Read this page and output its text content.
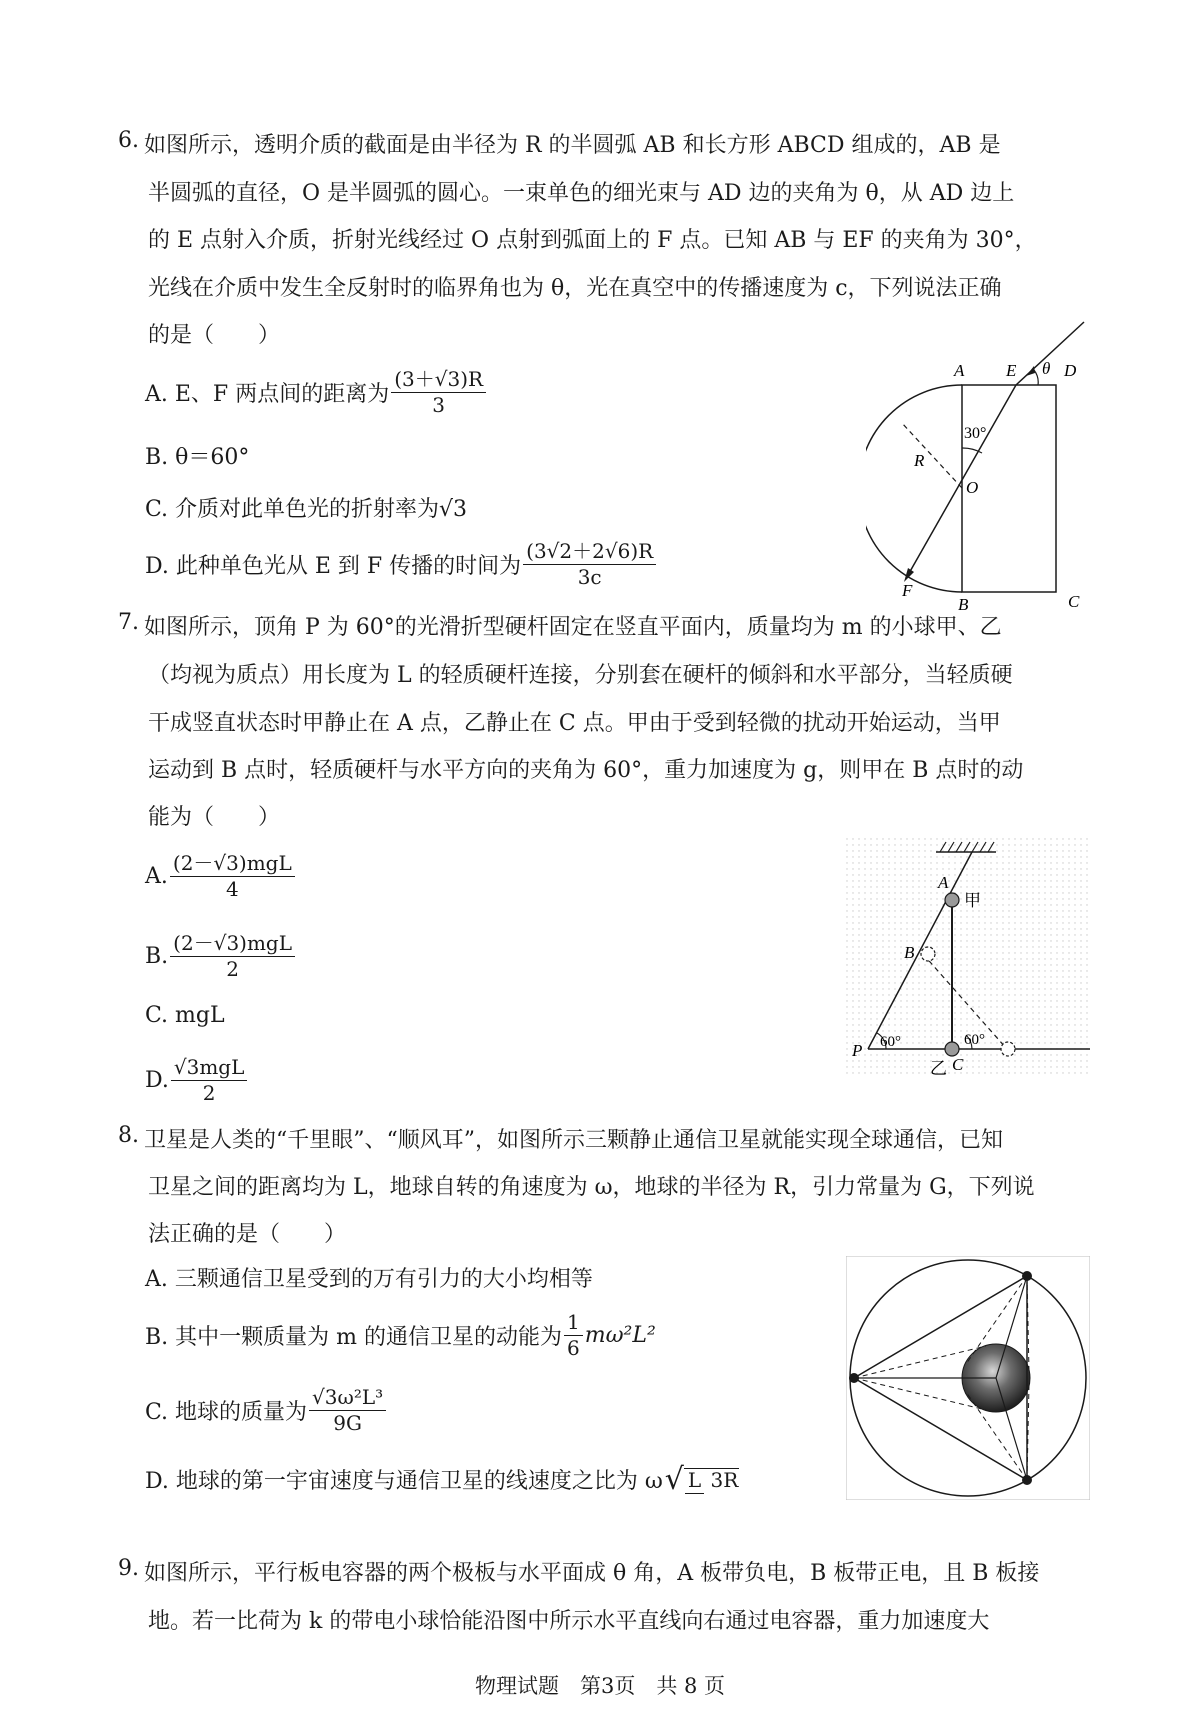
6. 如图所示，透明介质的截面是由半径为 R 的半圆弧 AB 和长方形 ABCD 组成的，AB 是
半圆弧的直径，O 是半圆弧的圆心。一束单色的细光束与 AD 边的夹角为 θ，从 AD 边上
的 E 点射入介质，折射光线经过 O 点射到弧面上的 F 点。已知 AB 与 EF 的夹角为 30°，
光线在介质中发生全反射时的临界角也为 θ，光在真空中的传播速度为 c，下列说法正确
的是（　　）
A. E、F 两点间的距离为 $\frac{(3+√3)R}{3}$
B. θ＝60°
C. 介质对此单色光的折射率为√3
D. 此种单色光从 E 到 F 传播的时间为 $\frac{(3√2+2√6)R}{3c}$
A E θ D
30°
R
O
F
B	C
7. 如图所示，顶角 P 为 60°的光滑折型硬杆固定在竖直平面内，质量均为 m 的小球甲、乙
（均视为质点）用长度为 L 的轻质硬杆连接，分别套在硬杆的倾斜和水平部分，当轻质硬
干成竖直状态时甲静止在 A 点，乙静止在 C 点。甲由于受到轻微的扰动开始运动，当甲
运动到 B 点时，轻质硬杆与水平方向的夹角为 60°，重力加速度为 g，则甲在 B 点时的动
能为（　　）
A. $\frac{\text{(2－√3)mgL}}{4}$
B. $\frac{\text{(2－√3)mgL}}{2}$
C. mgL
D. $\frac{\text{√3mgL}}{2}$
A
甲
B
P 60°	60°
乙 C
8. 卫星是人类的“千里眼”、“顺风耳”，如图所示三颗静止通信卫星就能实现全球通信，已知
卫星之间的距离均为 L，地球自转的角速度为 ω，地球的半径为 R，引力常量为 G，下列说
法正确的是（　　）
A. 三颗通信卫星受到的万有引力的大小均相等
B. 其中一颗质量为 m 的通信卫星的动能为 $\frac{1}{6} m\omega^2L^2$
C. 地球的质量为 $\frac{\text{√3ω²L³}}{9G}$
D. 地球的第一宇宙速度与通信卫星的线速度之比为 ω √ L 3R
9. 如图所示，平行板电容器的两个极板与水平面成 θ 角，A 板带负电，B 板带正电，且 B 板接
地。若一比荷为 k 的带电小球恰能沿图中所示水平直线向右通过电容器，重力加速度大
物理试题　第3页　共 8 页
